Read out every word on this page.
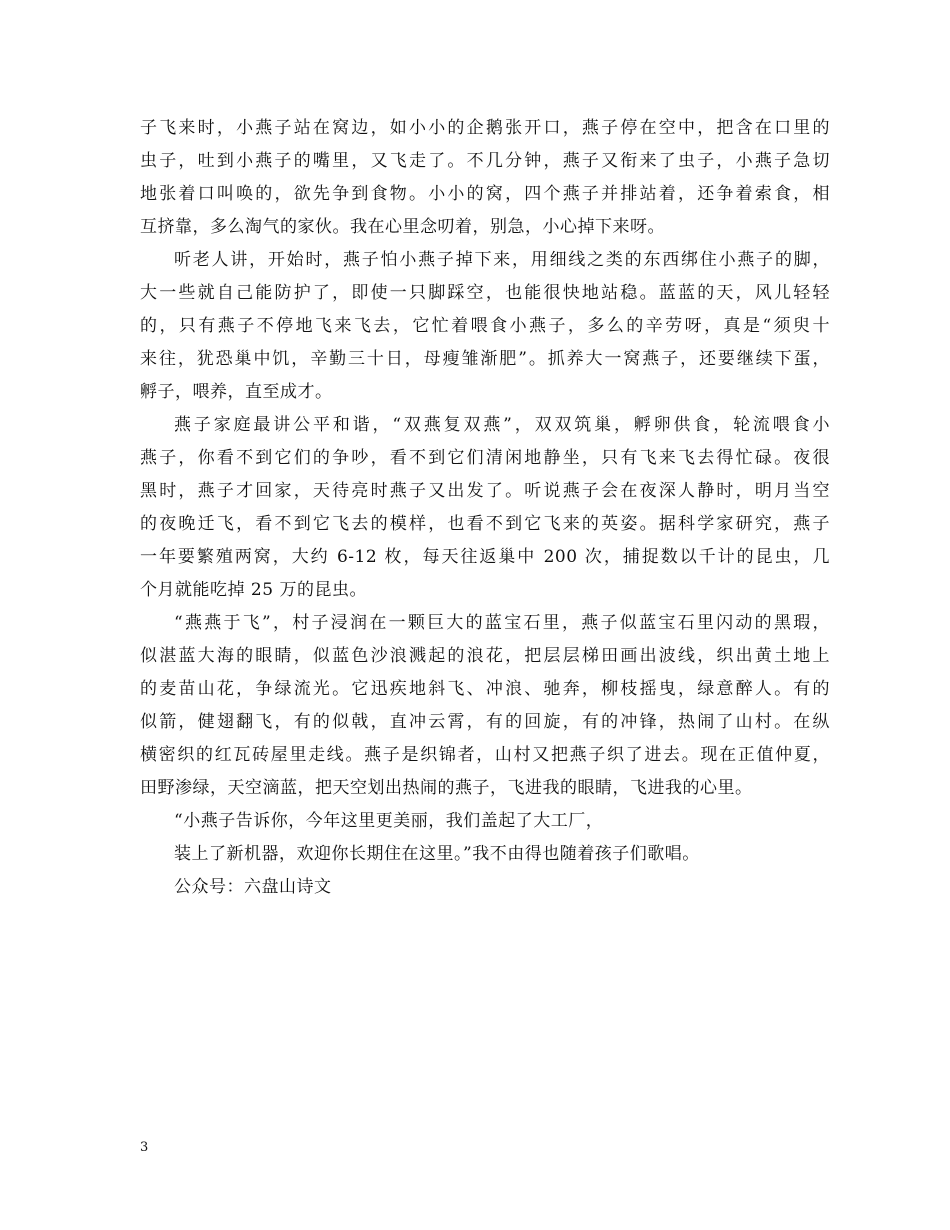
子飞来时，小燕子站在窝边，如小小的企鹅张开口，燕子停在空中，把含在口里的
虫子，吐到小燕子的嘴里，又飞走了。不几分钟，燕子又衔来了虫子，小燕子急切
地张着口叫唤的，欲先争到食物。小小的窝，四个燕子并排站着，还争着索食，相
互挤靠，多么淘气的家伙。我在心里念叨着，别急，小心掉下来呀。
听老人讲，开始时，燕子怕小燕子掉下来，用细线之类的东西绑住小燕子的脚，
大一些就自己能防护了，即使一只脚踩空，也能很快地站稳。蓝蓝的天，风儿轻轻
的，只有燕子不停地飞来飞去，它忙着喂食小燕子，多么的辛劳呀，真是“须臾十
来往，犹恐巢中饥，辛勤三十日，母瘦雏渐肥”。抓养大一窝燕子，还要继续下蛋，
孵子，喂养，直至成才。
燕子家庭最讲公平和谐，“双燕复双燕”，双双筑巢，孵卵供食，轮流喂食小
燕子，你看不到它们的争吵，看不到它们清闲地静坐，只有飞来飞去得忙碌。夜很
黑时，燕子才回家，天待亮时燕子又出发了。听说燕子会在夜深人静时，明月当空
的夜晚迁飞，看不到它飞去的模样，也看不到它飞来的英姿。据科学家研究，燕子
一年要繁殖两窝，大约 6-12 枚，每天往返巢中 200 次，捕捉数以千计的昆虫，几
个月就能吃掉 25 万的昆虫。
“燕燕于飞”，村子浸润在一颗巨大的蓝宝石里，燕子似蓝宝石里闪动的黑瑕，
似湛蓝大海的眼睛，似蓝色沙浪溅起的浪花，把层层梯田画出波线，织出黄土地上
的麦苗山花，争绿流光。它迅疾地斜飞、冲浪、驰奔，柳枝摇曳，绿意醉人。有的
似箭，健翅翻飞，有的似戟，直冲云霄，有的回旋，有的冲锋，热闹了山村。在纵
横密织的红瓦砖屋里走线。燕子是织锦者，山村又把燕子织了进去。现在正值仲夏，
田野渗绿，天空滴蓝，把天空划出热闹的燕子，飞进我的眼睛，飞进我的心里。
“小燕子告诉你，今年这里更美丽，我们盖起了大工厂，
装上了新机器，欢迎你长期住在这里。”我不由得也随着孩子们歌唱。
公众号：六盘山诗文
3
